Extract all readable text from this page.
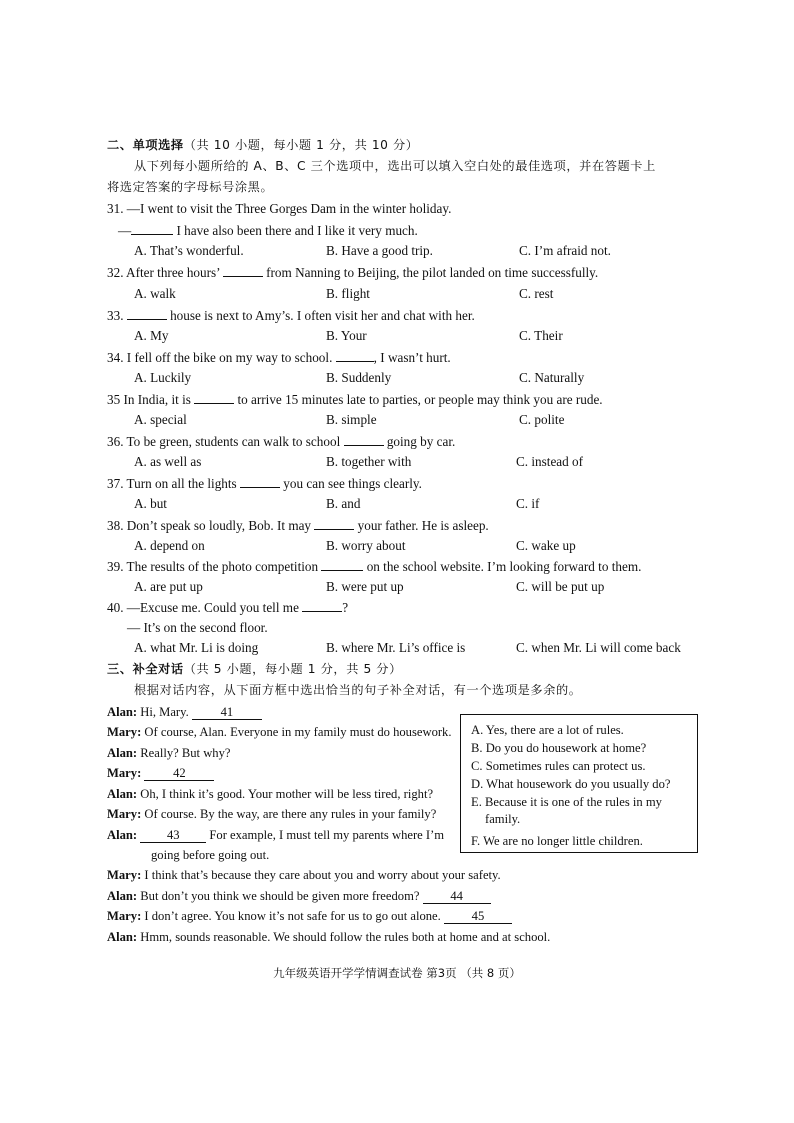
二、单项选择（共 10 小题，每小题 1 分，共 10 分）
从下列每小题所给的 A、B、C 三个选项中，选出可以填入空白处的最佳选项，并在答题卡上
将选定答案的字母标号涂黑。
31. —I went to visit the Three Gorges Dam in the winter holiday.
—	I have also been there and I like it very much.
A. That’s wonderful.	B. Have a good trip.	C. I’m afraid not.
32. After three hours’	from Nanning to Beijing, the pilot landed on time successfully.
A. walk	B. flight	C. rest
33.	house is next to Amy’s. I often visit her and chat with her.
A. My	B. Your	C. Their
34. I fell off the bike on my way to school.	, I wasn’t hurt.
A. Luckily	B. Suddenly	C. Naturally
35 In India, it is	to arrive 15 minutes late to parties, or people may think you are rude.
A. special	B. simple	C. polite
36. To be green, students can walk to school	going by car.
A. as well as	B. together with	C. instead of
37. Turn on all the lights	you can see things clearly.
A. but	B. and	C. if
38. Don’t speak so loudly, Bob. It may	your father. He is asleep.
A. depend on	B. worry about	C. wake up
39. The results of the photo competition	on the school website. I’m looking forward to them.
A. are put up	B. were put up	C. will be put up
40. —Excuse me. Could you tell me	?
— It’s on the second floor.
A. what Mr. Li is doing	B. where Mr. Li’s office is	C. when Mr. Li will come back
三、补全对话（共 5 小题，每小题 1 分，共 5 分）
根据对话内容，从下面方框中选出恰当的句子补全对话，有一个选项是多余的。
Alan: Hi, Mary. 41
Mary: Of course, Alan. Everyone in my family must do housework.
Alan: Really? But why?
Mary:	42
Alan: Oh, I think it’s good. Your mother will be less tired, right?
Mary: Of course. By the way, are there any rules in your family?
Alan: 43 For example, I must tell my parents where I’m
going before going out.
Mary: I think that’s because they care about you and worry about your safety.
Alan: But don’t you think we should be given more freedom? 44
Mary: I don’t agree. You know it’s not safe for us to go out alone. 45
Alan: Hmm, sounds reasonable. We should follow the rules both at home and at school.
A. Yes, there are a lot of rules.
B. Do you do housework at home?
C. Sometimes rules can protect us.
D. What housework do you usually do?
E. Because it is one of the rules in my
family.
F. We are no longer little children.
九年级英语开学学情调查试卷 第3页 （共 8 页）
